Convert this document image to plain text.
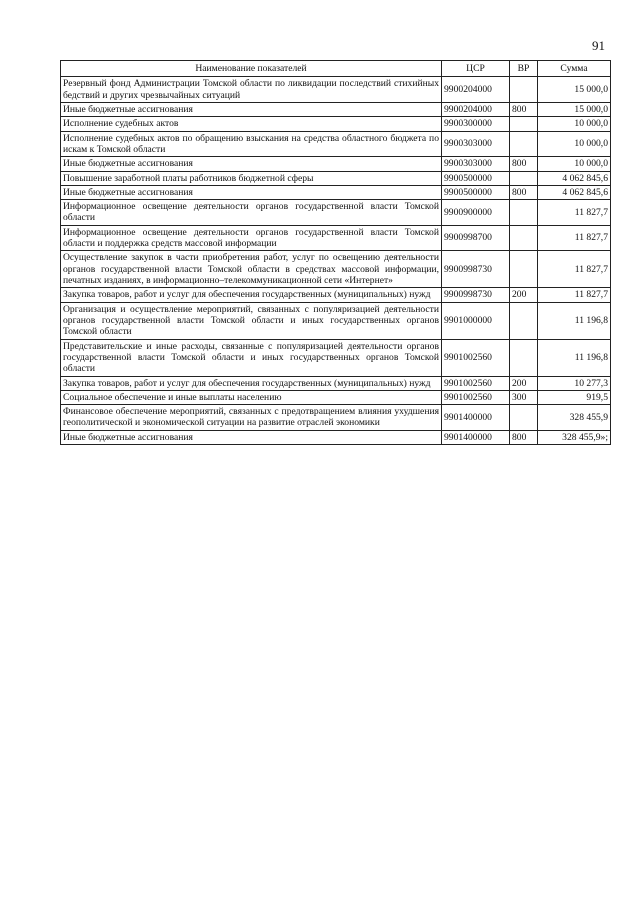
91
Наименование показателей	ЦСР	ВР	Сумма
Резервный фонд Администрации Томской области по ликвидации последствий стихийных бедствий и других чрезвычайных ситуаций	9900204000		15 000,0
Иные бюджетные ассигнования	9900204000	800	15 000,0
Исполнение судебных актов	9900300000		10 000,0
Исполнение судебных актов по обращению взыскания на средства областного бюджета по искам к Томской области	9900303000		10 000,0
Иные бюджетные ассигнования	9900303000	800	10 000,0
Повышение заработной платы работников бюджетной сферы	9900500000		4 062 845,6
Иные бюджетные ассигнования	9900500000	800	4 062 845,6
Информационное освещение деятельности органов государственной власти Томской области	9900900000		11 827,7
Информационное освещение деятельности органов государственной власти Томской области и поддержка средств массовой информации	9900998700		11 827,7
Осуществление закупок в части приобретения работ, услуг по освещению деятельности органов государственной власти Томской области в средствах массовой информации, печатных изданиях, в информационно–телекоммуникационной сети «Интернет»	9900998730		11 827,7
Закупка товаров, работ и услуг для обеспечения государственных (муниципальных) нужд	9900998730	200	11 827,7
Организация и осуществление мероприятий, связанных с популяризацией деятельности органов государственной власти Томской области и иных государственных органов Томской области	9901000000		11 196,8
Представительские и иные расходы, связанные с популяризацией деятельности органов государственной власти Томской области и иных государственных органов Томской области	9901002560		11 196,8
Закупка товаров, работ и услуг для обеспечения государственных (муниципальных) нужд	9901002560	200	10 277,3
Социальное обеспечение и иные выплаты населению	9901002560	300	919,5
Финансовое обеспечение мероприятий, связанных с предотвращением влияния ухудшения геополитической и экономической ситуации на развитие отраслей экономики	9901400000		328 455,9
Иные бюджетные ассигнования	9901400000	800	328 455,9»;
